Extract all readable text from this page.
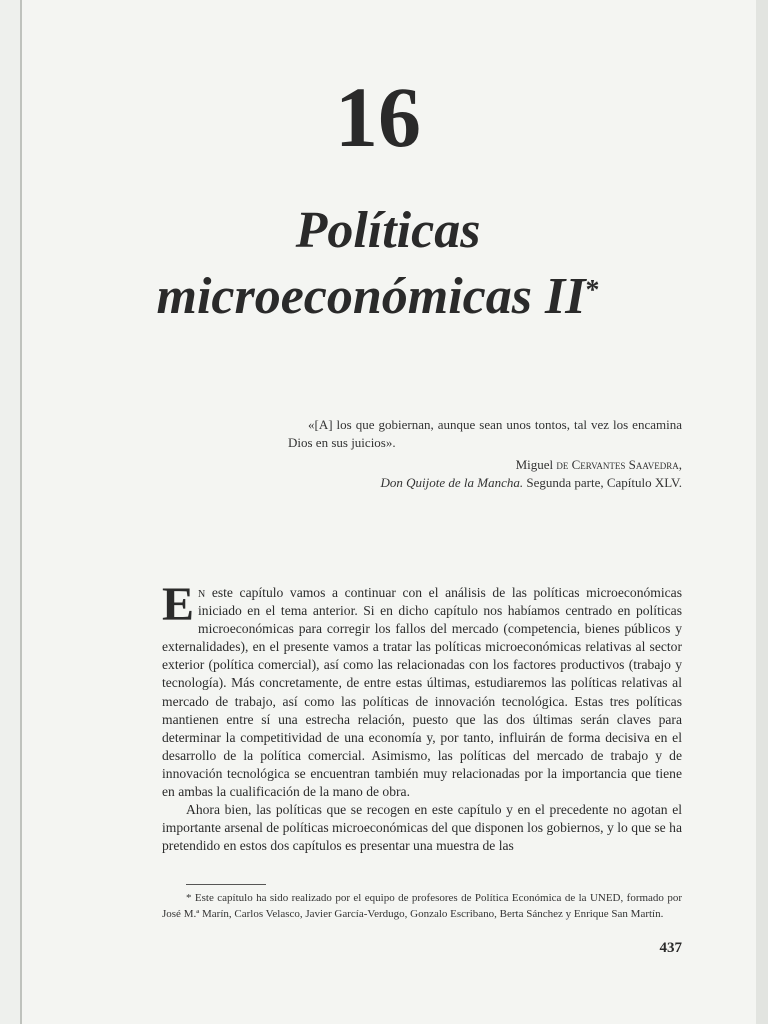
16
Políticas
microeconómicas II*
«[A] los que gobiernan, aunque sean unos tontos, tal vez los encamina Dios en sus juicios».
Miguel de Cervantes Saavedra,
Don Quijote de la Mancha. Segunda parte, Capítulo XLV.

En este capítulo vamos a continuar con el análisis de las políticas microeconómicas iniciado en el tema anterior. Si en dicho capítulo nos habíamos centrado en políticas microeconómicas para corregir los fallos del mercado (competencia, bienes públicos y externalidades), en el presente vamos a tratar las políticas microeconómicas relativas al sector exterior (política comercial), así como las relacionadas con los factores productivos (trabajo y tecnología). Más concretamente, de entre estas últimas, estudiaremos las políticas relativas al mercado de trabajo, así como las políticas de innovación tecnológica. Estas tres políticas mantienen entre sí una estrecha relación, puesto que las dos últimas serán claves para determinar la competitividad de una economía y, por tanto, influirán de forma decisiva en el desarrollo de la política comercial. Asimismo, las políticas del mercado de trabajo y de innovación tecnológica se encuentran también muy relacionadas por la importancia que tiene en ambas la cualificación de la mano de obra.

Ahora bien, las políticas que se recogen en este capítulo y en el precedente no agotan el importante arsenal de políticas microeconómicas del que disponen los gobiernos, y lo que se ha pretendido en estos dos capítulos es presentar una muestra de las

* Este capítulo ha sido realizado por el equipo de profesores de Política Económica de la UNED, formado por José M.ª Marín, Carlos Velasco, Javier García-Verdugo, Gonzalo Escribano, Berta Sánchez y Enrique San Martín.

437
